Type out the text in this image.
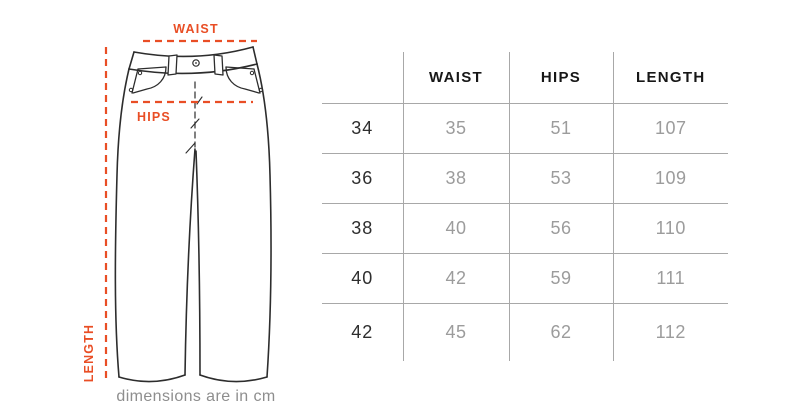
WAIST
HIPS
LENGTH
dimensions are in cm
	WAIST	HIPS	LENGTH
34	35	51	107
36	38	53	109
38	40	56	110
40	42	59	111
42	45	62	112
